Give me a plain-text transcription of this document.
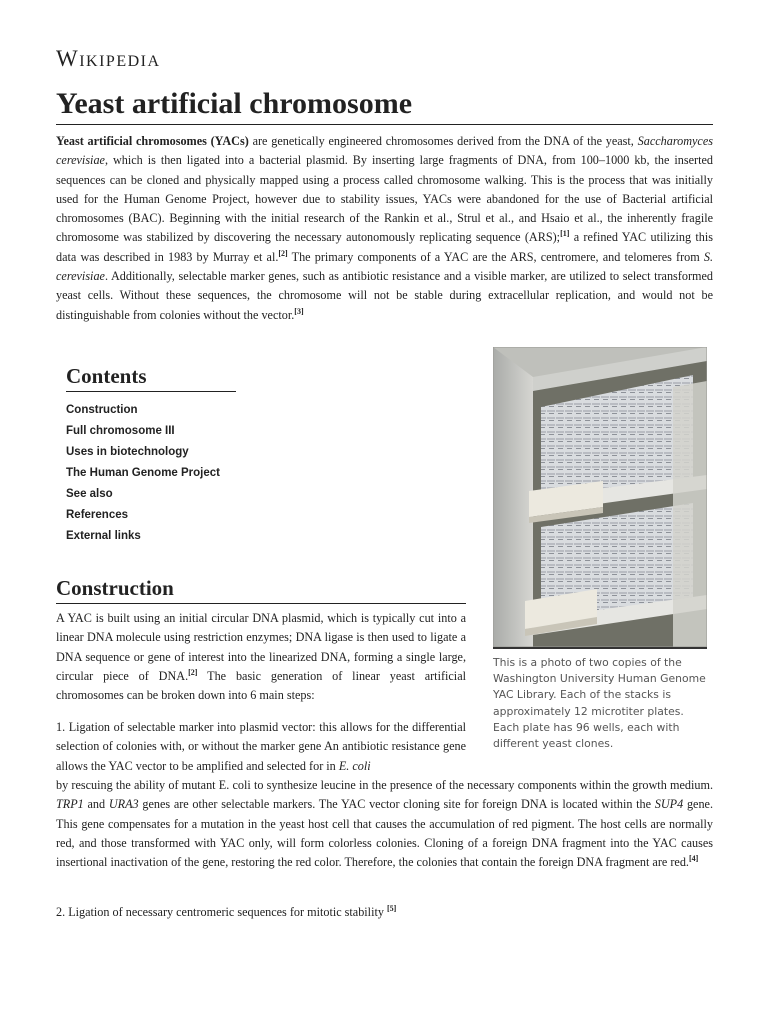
Wikipedia
Yeast artificial chromosome

Yeast artificial chromosomes (YACs) are genetically engineered chromosomes derived from the DNA of the yeast, Saccharomyces cerevisiae, which is then ligated into a bacterial plasmid. By inserting large fragments of DNA, from 100–1000 kb, the inserted sequences can be cloned and physically mapped using a process called chromosome walking. This is the process that was initially used for the Human Genome Project, however due to stability issues, YACs were abandoned for the use of Bacterial artificial chromosomes (BAC). Beginning with the initial research of the Rankin et al., Strul et al., and Hsaio et al., the inherently fragile chromosome was stabilized by discovering the necessary autonomously replicating sequence (ARS);[1] a refined YAC utilizing this data was described in 1983 by Murray et al.[2] The primary components of a YAC are the ARS, centromere, and telomeres from S. cerevisiae. Additionally, selectable marker genes, such as antibiotic resistance and a visible marker, are utilized to select transformed yeast cells. Without these sequences, the chromosome will not be stable during extracellular replication, and would not be distinguishable from colonies without the vector.[3]

Contents
Construction
Full chromosome III
Uses in biotechnology
The Human Genome Project
See also
References
External links

This is a photo of two copies of the Washington University Human Genome YAC Library. Each of the stacks is approximately 12 microtiter plates. Each plate has 96 wells, each with different yeast clones.

Construction

A YAC is built using an initial circular DNA plasmid, which is typically cut into a linear DNA molecule using restriction enzymes; DNA ligase is then used to ligate a DNA sequence or gene of interest into the linearized DNA, forming a single large, circular piece of DNA.[2] The basic generation of linear yeast artificial chromosomes can be broken down into 6 main steps:

1. Ligation of selectable marker into plasmid vector: this allows for the differential selection of colonies with, or without the marker gene An antibiotic resistance gene allows the YAC vector to be amplified and selected for in E. coli

by rescuing the ability of mutant E. coli to synthesize leucine in the presence of the necessary components within the growth medium. TRP1 and URA3 genes are other selectable markers. The YAC vector cloning site for foreign DNA is located within the SUP4 gene. This gene compensates for a mutation in the yeast host cell that causes the accumulation of red pigment. The host cells are normally red, and those transformed with YAC only, will form colorless colonies. Cloning of a foreign DNA fragment into the YAC causes insertional inactivation of the gene, restoring the red color. Therefore, the colonies that contain the foreign DNA fragment are red.[4]

2. Ligation of necessary centromeric sequences for mitotic stability [5]
